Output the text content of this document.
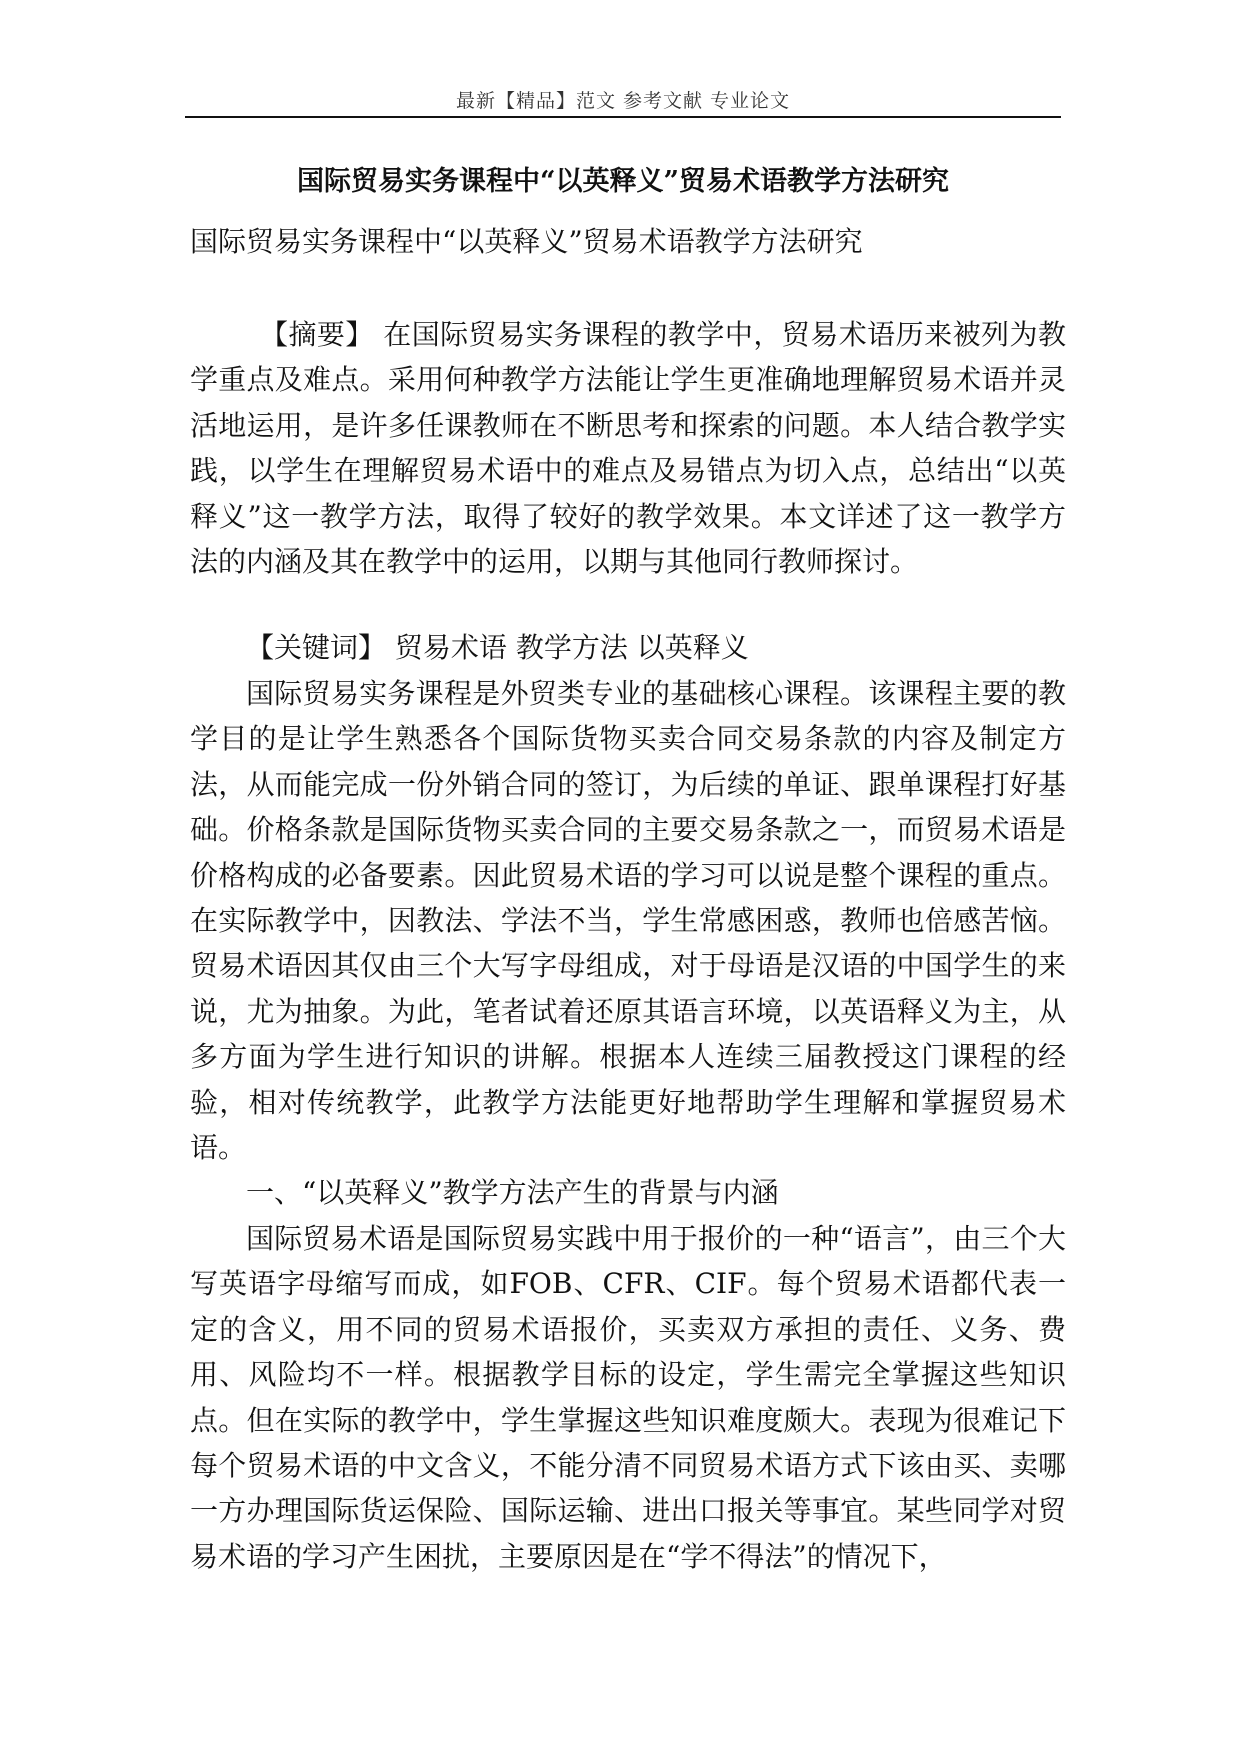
最新【精品】范文 参考文献 专业论文
国际贸易实务课程中“以英释义”贸易术语教学方法研究

国际贸易实务课程中“以英释义”贸易术语教学方法研究

【摘要】 在国际贸易实务课程的教学中，贸易术语历来被列为教学重点及难点。采用何种教学方法能让学生更准确地理解贸易术语并灵活地运用，是许多任课教师在不断思考和探索的问题。本人结合教学实践，以学生在理解贸易术语中的难点及易错点为切入点，总结出“以英释义”这一教学方法，取得了较好的教学效果。本文详述了这一教学方法的内涵及其在教学中的运用，以期与其他同行教师探讨。

【关键词】 贸易术语 教学方法 以英释义

国际贸易实务课程是外贸类专业的基础核心课程。该课程主要的教学目的是让学生熟悉各个国际货物买卖合同交易条款的内容及制定方法，从而能完成一份外销合同的签订，为后续的单证、跟单课程打好基础。价格条款是国际货物买卖合同的主要交易条款之一，而贸易术语是价格构成的必备要素。因此贸易术语的学习可以说是整个课程的重点。在实际教学中，因教法、学法不当，学生常感困惑，教师也倍感苦恼。贸易术语因其仅由三个大写字母组成，对于母语是汉语的中国学生的来说，尤为抽象。为此，笔者试着还原其语言环境，以英语释义为主，从多方面为学生进行知识的讲解。根据本人连续三届教授这门课程的经验，相对传统教学，此教学方法能更好地帮助学生理解和掌握贸易术语。

一、“以英释义”教学方法产生的背景与内涵

国际贸易术语是国际贸易实践中用于报价的一种“语言”，由三个大写英语字母缩写而成，如FOB、CFR、CIF。每个贸易术语都代表一定的含义，用不同的贸易术语报价，买卖双方承担的责任、义务、费用、风险均不一样。根据教学目标的设定，学生需完全掌握这些知识点。但在实际的教学中，学生掌握这些知识难度颇大。表现为很难记下每个贸易术语的中文含义，不能分清不同贸易术语方式下该由买、卖哪一方办理国际货运保险、国际运输、进出口报关等事宜。某些同学对贸易术语的学习产生困扰，主要原因是在“学不得法”的情况下，
